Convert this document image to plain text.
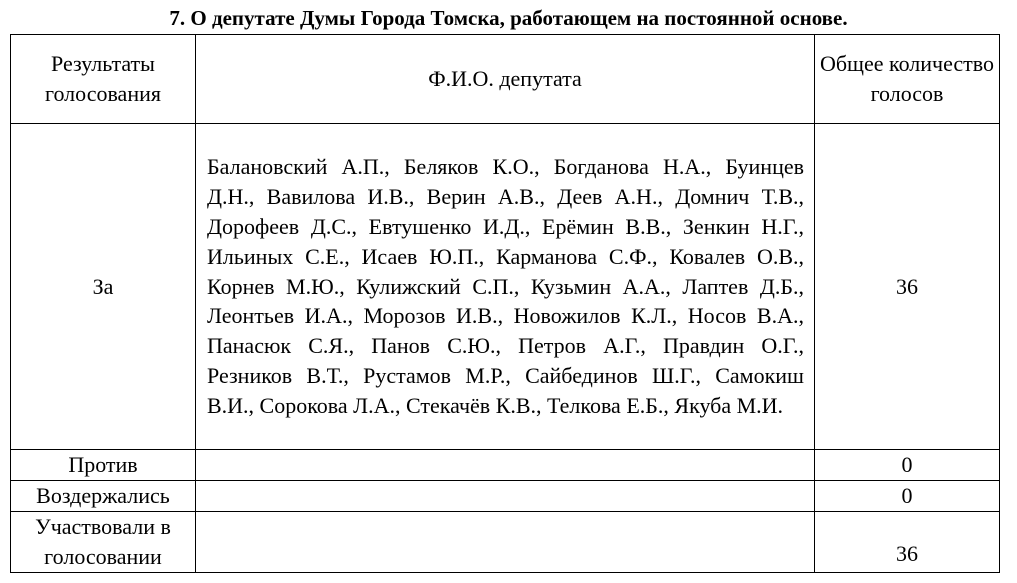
7. О депутате Думы Города Томска, работающем на постоянной основе.
Результаты голосования	Ф.И.О. депутата	Общее количество голосов
За	Балановский А.П., Беляков К.О., Богданова Н.А., Буинцев Д.Н., Вавилова И.В., Верин А.В., Деев А.Н., Домнич Т.В., Дорофеев Д.С., Евтушенко И.Д., Ерёмин В.В., Зенкин Н.Г., Ильиных С.Е., Исаев Ю.П., Карманова С.Ф., Ковалев О.В., Корнев М.Ю., Кулижский С.П., Кузьмин А.А., Лаптев Д.Б., Леонтьев И.А., Морозов И.В., Новожилов К.Л., Носов В.А., Панасюк С.Я., Панов С.Ю., Петров А.Г., Правдин О.Г., Резников В.Т., Рустамов М.Р., Сайбединов Ш.Г., Самокиш В.И., Сорокова Л.А., Стекачёв К.В., Телкова Е.Б., Якуба М.И.	36
Против		0
Воздержались		0
Участвовали в голосовании		36
